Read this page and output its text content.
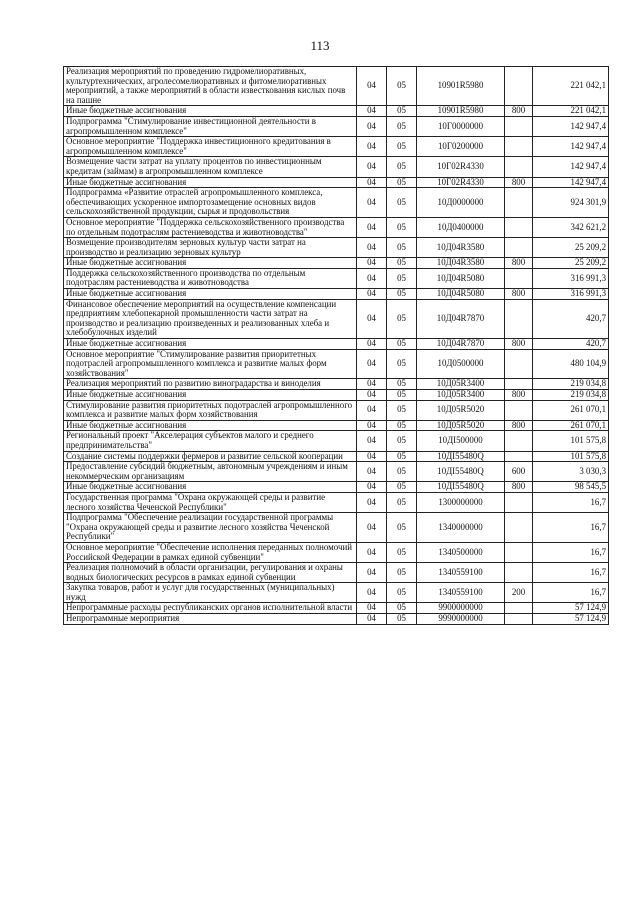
113
Реализация мероприятий по проведению гидромелиоративных, культуртехнических, агролесомелиоративных и фитомелиоративных мероприятий, а также мероприятий в области известкования кислых почв на пашне	04	05	10901R5980		221 042,1
Иные бюджетные ассигнования	04	05	10901R5980	800	221 042,1
Подпрограмма "Стимулирование инвестиционной деятельности в агропромышленном комплексе"	04	05	10Г0000000		142 947,4
Основное мероприятие "Поддержка инвестиционного кредитования в агропромышленном комплексе"	04	05	10Г0200000		142 947,4
Возмещение части затрат на уплату процентов по инвестиционным кредитам (займам) в агропромышленном комплексе	04	05	10Г02R4330		142 947,4
Иные бюджетные ассигнования	04	05	10Г02R4330	800	142 947,4
Подпрограмма «Развитие отраслей агропромышленного комплекса, обеспечивающих ускоренное импортозамещение основных видов сельскохозяйственной продукции, сырья и продовольствия	04	05	10Д0000000		924 301,9
Основное мероприятие "Поддержка сельскохозяйственного производства по отдельным подотраслям растениеводства и животноводства"	04	05	10Д0400000		342 621,2
Возмещение производителям зерновых культур части затрат на производство и реализацию зерновых культур	04	05	10Д04R3580		25 209,2
Иные бюджетные ассигнования	04	05	10Д04R3580	800	25 209,2
Поддержка сельскохозяйственного производства по отдельным подотраслям растениеводства и животноводства	04	05	10Д04R5080		316 991,3
Иные бюджетные ассигнования	04	05	10Д04R5080	800	316 991,3
Финансовое обеспечение мероприятий на осуществление компенсации предприятиям хлебопекарной промышленности части затрат на производство и реализацию произведенных и реализованных хлеба и хлебобулочных изделий	04	05	10Д04R7870		420,7
Иные бюджетные ассигнования	04	05	10Д04R7870	800	420,7
Основное мероприятие "Стимулирование развития приоритетных подотраслей агропромышленного комплекса и развитие малых форм хозяйствования"	04	05	10Д0500000		480 104,9
Реализация мероприятий по развитию виноградарства и виноделия	04	05	10Д05R3400		219 034,8
Иные бюджетные ассигнования	04	05	10Д05R3400	800	219 034,8
Стимулирование развития приоритетных подотраслей агропромышленного комплекса и развитие малых форм хозяйствования	04	05	10Д05R5020		261 070,1
Иные бюджетные ассигнования	04	05	10Д05R5020	800	261 070,1
Региональный проект "Акселерация субъектов малого и среднего предпринимательства"	04	05	10ДI500000		101 575,8
Создание системы поддержки фермеров и развитие сельской кооперации	04	05	10ДI55480Q		101 575,8
Предоставление субсидий бюджетным, автономным учреждениям и иным некоммерческим организациям	04	05	10ДI55480Q	600	3 030,3
Иные бюджетные ассигнования	04	05	10ДI55480Q	800	98 545,5
Государственная программа "Охрана окружающей среды и развитие лесного хозяйства Чеченской Республики"	04	05	1300000000		16,7
Подпрограмма "Обеспечение реализации государственной программы "Охрана окружающей среды и развитие лесного хозяйства Чеченской Республики"	04	05	1340000000		16,7
Основное мероприятие "Обеспечение исполнения переданных полномочий Российской Федерации в рамках единой субвенции"	04	05	1340500000		16,7
Реализация полномочий в области организации, регулирования и охраны водных биологических ресурсов в рамках единой субвенции	04	05	1340559100		16,7
Закупка товаров, работ и услуг для государственных (муниципальных) нужд	04	05	1340559100	200	16,7
Непрограммные расходы республиканских органов исполнительной власти	04	05	9900000000		57 124,9
Непрограммные мероприятия	04	05	9990000000		57 124,9
